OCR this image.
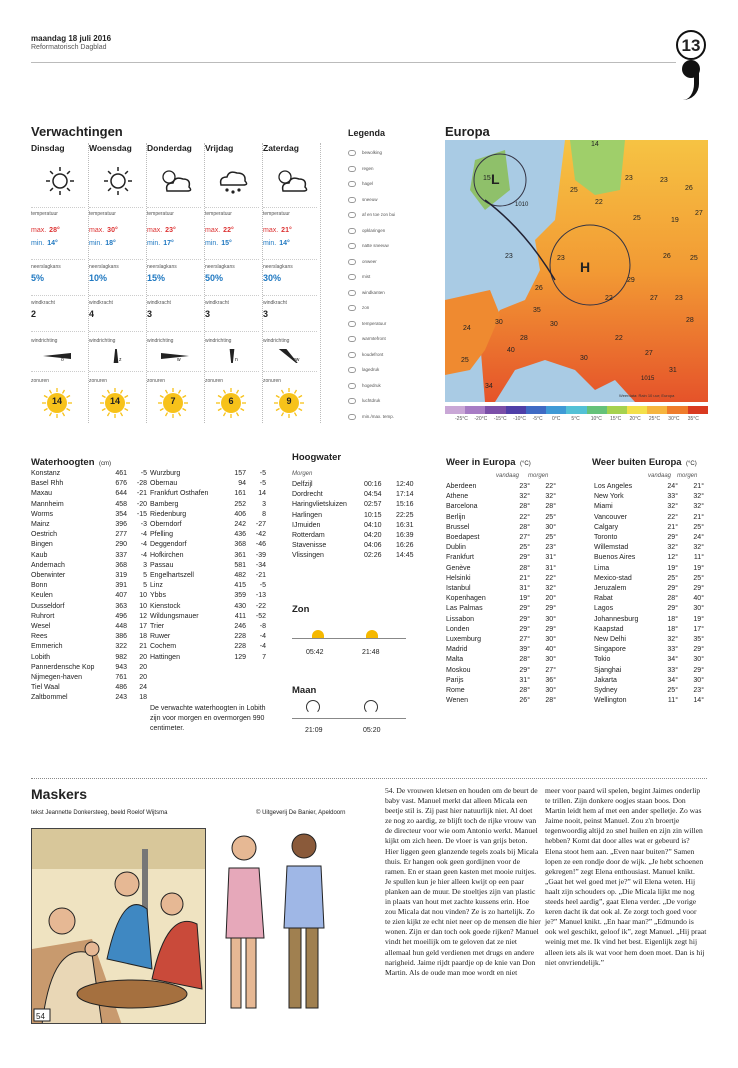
maandag 18 juli 2016
Reformatorisch Dagblad	13
Verwachtingen
Dinsdag
temperatuur
max. 28°
min. 14°
neerslagkans
5%
windkracht
2
windrichting
o
zonuren
14
Woensdag
temperatuur
max. 30°
min. 18°
neerslagkans
10%
windkracht
4
windrichting
z
zonuren
14
Donderdag
temperatuur
max. 23°
min. 17°
neerslagkans
15%
windkracht
3
windrichting
w
zonuren
7
Vrijdag
temperatuur
max. 22°
min. 15°
neerslagkans
50%
windkracht
3
windrichting
n
zonuren
6
Zaterdag
temperatuur
max. 21°
min. 14°
neerslagkans
30%
windkracht
3
windrichting
nw
zonuren
9
Legenda	Europa
L
H
14
15
23
25
22
23	23
26
25	19
27
23	26	25
26
29
22	27 23
28
30
35
40
30
31
25
34
30
24
28	22
27
1015
1010
Weerdata: Rain 10 uur; Europa
-25°C -20°C -15°C -10°C -5°C 0°C 5°C 10°C 15°C 20°C 25°C 30°C 35°C
Waterhoogten (cm)
Konstanz	461	-5
Basel Rhh	676	-28
Maxau	644	-21
Mannheim	458	-20
Worms	354	-15
Mainz	396	-3
Oestrich	277	-4
Bingen	290	-4
Kaub	337	-4
Andernach	368	3
Oberwinter	319	5
Bonn	391	5
Keulen	407	10
Dusseldorf	363	10
Ruhrort	496	12
Wesel	448	17
Rees	386	18
Emmerich	322	21
Lobith	982	20
Pannerdensche Kop	943	20
Nijmegen-haven	761	20
Tiel Waal	486	24
Zaltbommel	243	18
Wurzburg	157	-5
Obernau	94	-5
Frankfurt Osthafen	161	14
Bamberg	252	3
Riedenburg	406	8
Oberndorf	242	-27
Pfelling	436	-42
Deggendorf	368	-46
Hofkirchen	361	-39
Passau	581	-34
Engelhartszell	482	-21
Linz	415	-5
Ybbs	359	-13
Kienstock	430	-22
Wildungsmauer	411	-52
Trier	246	-8
Ruwer	228	-4
Cochem	228	-4
Hattingen	129	7
De verwachte waterhoogten in Lobith zijn voor morgen en overmorgen 990 centimeter.
Hoogwater
Morgen
Delfzijl	00:16	12:40
Dordrecht	04:54	17:14
Haringvlietsluizen	02:57	15:16
Harlingen	10:15	22:25
IJmuiden	04:10	16:31
Rotterdam	04:20	16:39
Stavenisse	04:06	16:26
Vlissingen	02:26	14:45
Zon
05:42	21:48
Maan
21:09	05:20
Weer in Europa (°C)
vandaag morgen
Aberdeen	23°	22°
Athene	32°	32°
Barcelona	28°	28°
Berlijn	22°	25°
Brussel	28°	30°
Boedapest	27°	25°
Dublin	25°	23°
Frankfurt	29°	31°
Genève	28°	31°
Helsinki	21°	22°
Istanbul	31°	32°
Kopenhagen	19°	20°
Las Palmas	29°	29°
Lissabon	29°	30°
Londen	29°	29°
Luxemburg	27°	30°
Madrid	39°	40°
Malta	28°	30°
Moskou	29°	27°
Parijs	31°	36°
Rome	28°	30°
Wenen	26°	28°
Weer buiten Europa (°C)
vandaag morgen
Los Angeles	24°	21°
New York	33°	32°
Miami	32°	32°
Vancouver	22°	21°
Calgary	21°	25°
Toronto	29°	24°
Willemstad	32°	32°
Buenos Aires	12°	11°
Lima	19°	19°
Mexico-stad	25°	25°
Jeruzalem	29°	29°
Rabat	28°	40°
Lagos	29°	30°
Johannesburg	18°	19°
Kaapstad	18°	17°
New Delhi	32°	35°
Singapore	33°	29°
Tokio	34°	30°
Sjanghai	33°	29°
Jakarta	34°	30°
Sydney	25°	23°
Wellington	11°	14°
Maskers
tekst Jeannette Donkersteeg, beeld Roelof Wijtsma	© Uitgeverij De Banier, Apeldoorn
54
54. De vrouwen kletsen en houden om de beurt de baby vast. Manuel merkt dat alleen Micala een beetje stil is. Zij past hier natuurlijk niet. Al doet ze nog zo aardig, ze blijft toch de rijke vrouw van de directeur voor wie oom Antonio werkt. Manuel kijkt om zich heen. De vloer is van grijs beton. Hier liggen geen glanzende tegels zoals bij Micala thuis. Er hangen ook geen gordijnen voor de ramen. En er staan geen kasten met mooie ruitjes. Je spullen kun je hier alleen kwijt op een paar planken aan de muur. De stoeltjes zijn van plastic in plaats van hout met zachte kussens erin. Hoe zou Micala dat nou vinden? Ze is zo hartelijk. Zo te zien kijkt ze echt niet neer op de mensen die hier wonen. Zijn er dan toch ook goede rijken? Manuel vindt het moeilijk om te geloven dat ze niet allemaal hun geld verdienen met drugs en andere narigheid. Jaime rijdt paardje op de knie van Don Martin. Als de oude man moe wordt en niet
meer voor paard wil spelen, begint Jaimes onderlip te trillen. Zijn donkere oogjes staan boos. Don Martin leidt hem af met een ander spelletje. Zo was Jaime nooit, peinst Manuel. Zou z'n broertje tegenwoordig altijd zo snel huilen en zijn zin willen hebben? Komt dat door alles wat er gebeurd is? Elena stoot hem aan. „Even naar buiten?” Samen lopen ze een rondje door de wijk. „Je hebt schoenen gekregen!” zegt Elena enthousiast. Manuel knikt. „Gaat het wel goed met je?” wil Elena weten. Hij haalt zijn schouders op. „Die Micala lijkt me nog steeds heel aardig”, gaat Elena verder. „De vorige keren dacht ik dat ook al. Ze zorgt toch goed voor je?” Manuel knikt. „En haar man?” „Edmundo is ook wel geschikt, geloof ik”, zegt Manuel. „Hij praat weinig met me. Ik vind het best. Eigenlijk zegt hij alleen iets als ik wat voor hem doen moet. Dan is hij niet onvriendelijk.”
bewolking
regen
hagel
sneeuw
af en toe zon bui
opklaringen
natte sneeuw
onweer
mist
windkanten
zon
temperatuur
warmtefront
koudefront
lagedruk
hogedruk
luchtdruk
min./max. temp.
